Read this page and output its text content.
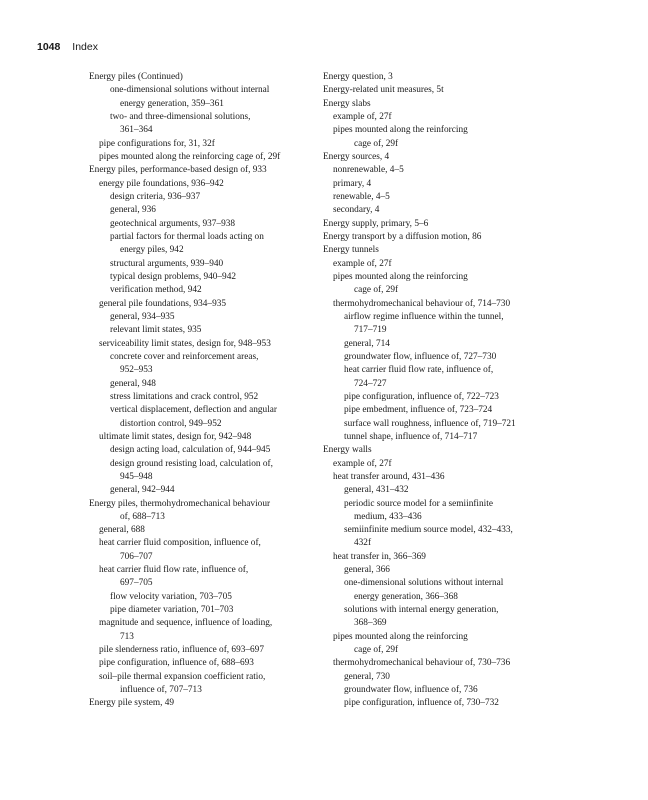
1048 Index
Energy piles (Continued)
one-dimensional solutions without internal
energy generation, 359–361
two- and three-dimensional solutions,
361–364
pipe configurations for, 31, 32f
pipes mounted along the reinforcing cage of, 29f
Energy piles, performance-based design of, 933
energy pile foundations, 936–942
design criteria, 936–937
general, 936
geotechnical arguments, 937–938
partial factors for thermal loads acting on
energy piles, 942
structural arguments, 939–940
typical design problems, 940–942
verification method, 942
general pile foundations, 934–935
general, 934–935
relevant limit states, 935
serviceability limit states, design for, 948–953
concrete cover and reinforcement areas,
952–953
general, 948
stress limitations and crack control, 952
vertical displacement, deflection and angular
distortion control, 949–952
ultimate limit states, design for, 942–948
design acting load, calculation of, 944–945
design ground resisting load, calculation of,
945–948
general, 942–944
Energy piles, thermohydromechanical behaviour
of, 688–713
general, 688
heat carrier fluid composition, influence of,
706–707
heat carrier fluid flow rate, influence of,
697–705
flow velocity variation, 703–705
pipe diameter variation, 701–703
magnitude and sequence, influence of loading,
713
pile slenderness ratio, influence of, 693–697
pipe configuration, influence of, 688–693
soil–pile thermal expansion coefficient ratio,
influence of, 707–713
Energy pile system, 49
Energy question, 3
Energy-related unit measures, 5t
Energy slabs
example of, 27f
pipes mounted along the reinforcing
cage of, 29f
Energy sources, 4
nonrenewable, 4–5
primary, 4
renewable, 4–5
secondary, 4
Energy supply, primary, 5–6
Energy transport by a diffusion motion, 86
Energy tunnels
example of, 27f
pipes mounted along the reinforcing
cage of, 29f
thermohydromechanical behaviour of, 714–730
airflow regime influence within the tunnel,
717–719
general, 714
groundwater flow, influence of, 727–730
heat carrier fluid flow rate, influence of,
724–727
pipe configuration, influence of, 722–723
pipe embedment, influence of, 723–724
surface wall roughness, influence of, 719–721
tunnel shape, influence of, 714–717
Energy walls
example of, 27f
heat transfer around, 431–436
general, 431–432
periodic source model for a semiinfinite
medium, 433–436
semiinfinite medium source model, 432–433,
432f
heat transfer in, 366–369
general, 366
one-dimensional solutions without internal
energy generation, 366–368
solutions with internal energy generation,
368–369
pipes mounted along the reinforcing
cage of, 29f
thermohydromechanical behaviour of, 730–736
general, 730
groundwater flow, influence of, 736
pipe configuration, influence of, 730–732
